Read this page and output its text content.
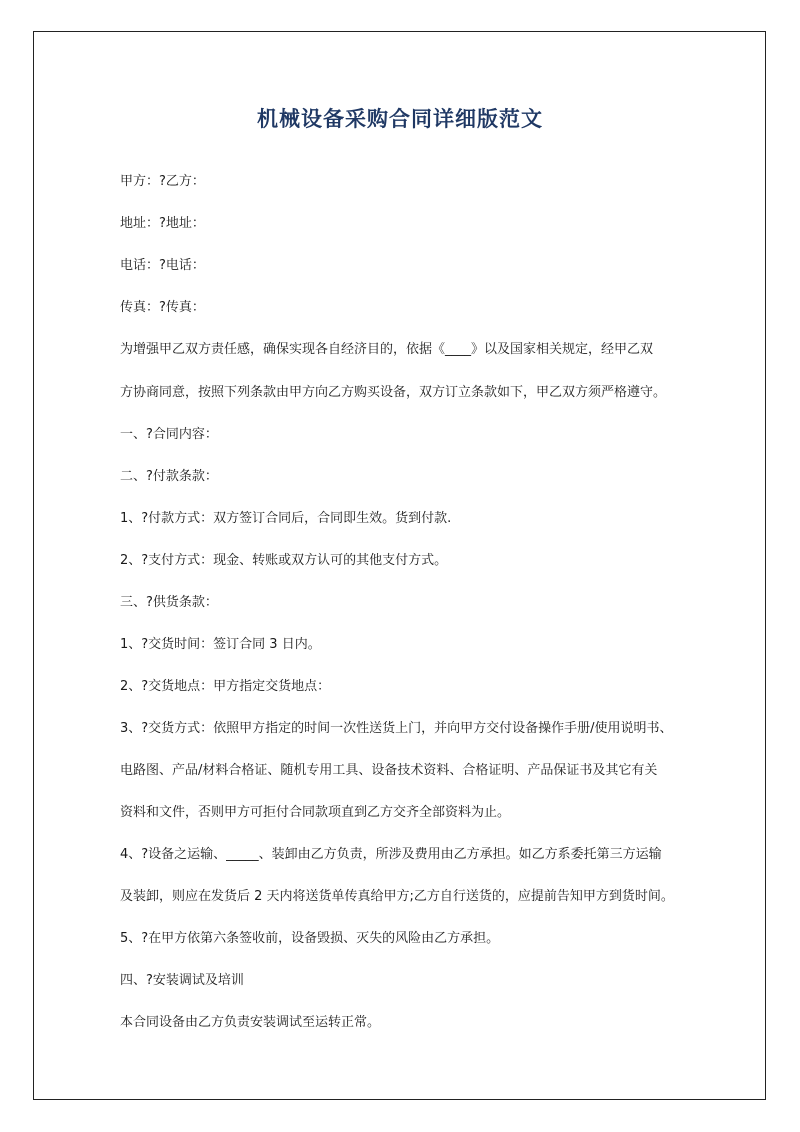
机械设备采购合同详细版范文
甲方：?乙方：
地址：?地址：
电话：?电话：
传真：?传真：
为增强甲乙双方责任感，确保实现各自经济目的，依据《____》以及国家相关规定，经甲乙双
方协商同意，按照下列条款由甲方向乙方购买设备，双方订立条款如下，甲乙双方须严格遵守。
一、?合同内容：
二、?付款条款：
1、?付款方式：双方签订合同后，合同即生效。货到付款.
2、?支付方式：现金、转账或双方认可的其他支付方式。
三、?供货条款：
1、?交货时间：签订合同 3 日内。
2、?交货地点：甲方指定交货地点：
3、?交货方式：依照甲方指定的时间一次性送货上门，并向甲方交付设备操作手册/使用说明书、
电路图、产品/材料合格证、随机专用工具、设备技术资料、合格证明、产品保证书及其它有关
资料和文件，否则甲方可拒付合同款项直到乙方交齐全部资料为止。
4、?设备之运输、_____、装卸由乙方负责，所涉及费用由乙方承担。如乙方系委托第三方运输
及装卸，则应在发货后 2 天内将送货单传真给甲方;乙方自行送货的，应提前告知甲方到货时间。
5、?在甲方依第六条签收前，设备毁损、灭失的风险由乙方承担。
四、?安装调试及培训
本合同设备由乙方负责安装调试至运转正常。
